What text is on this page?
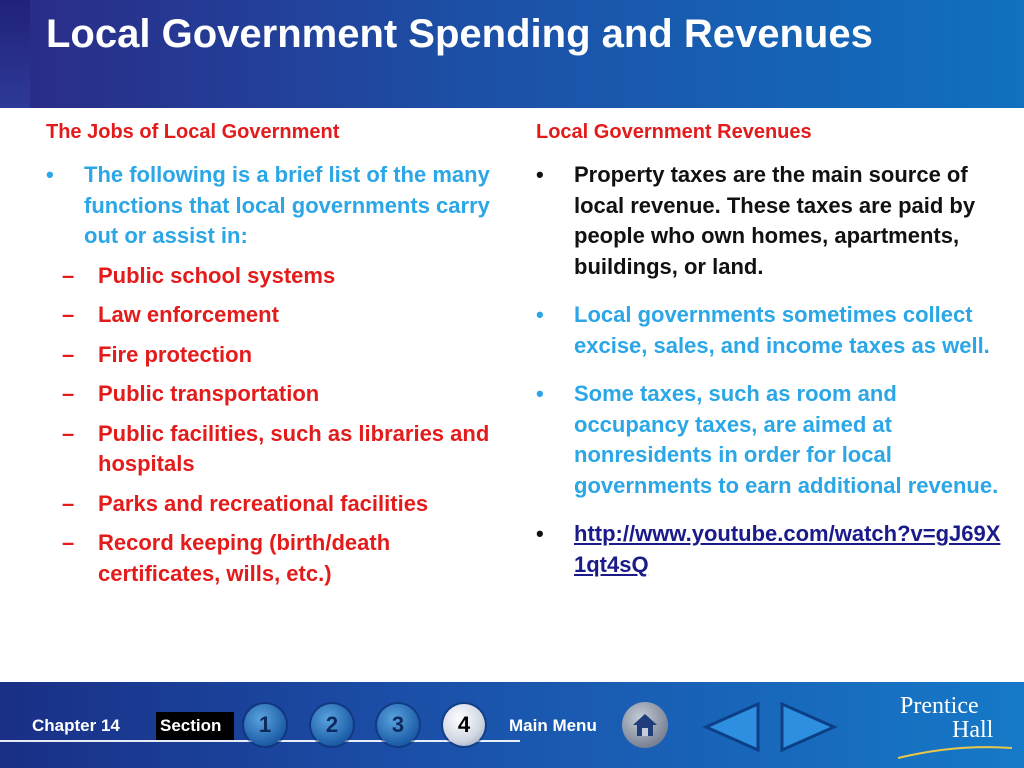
Local Government Spending and Revenues
The Jobs of Local Government
•	The following is a brief list of the many functions that local governments carry out or assist in:
– Public school systems
– Law enforcement
– Fire protection
– Public transportation
– Public facilities, such as libraries and hospitals
– Parks and recreational facilities
– Record keeping (birth/death certificates, wills, etc.)
Local Government Revenues
•	Property taxes are the main source of local revenue. These taxes are paid by people who own homes, apartments, buildings, or land.
•	Local governments sometimes collect excise, sales, and income taxes as well.
•	Some taxes, such as room and occupancy taxes, are aimed at nonresidents in order for local governments to earn additional revenue.
•	http://www.youtube.com/watch?v=gJ69X1qt4sQ
Chapter 14 Section	1	2	3	4	Main Menu
Prentice
Hall
